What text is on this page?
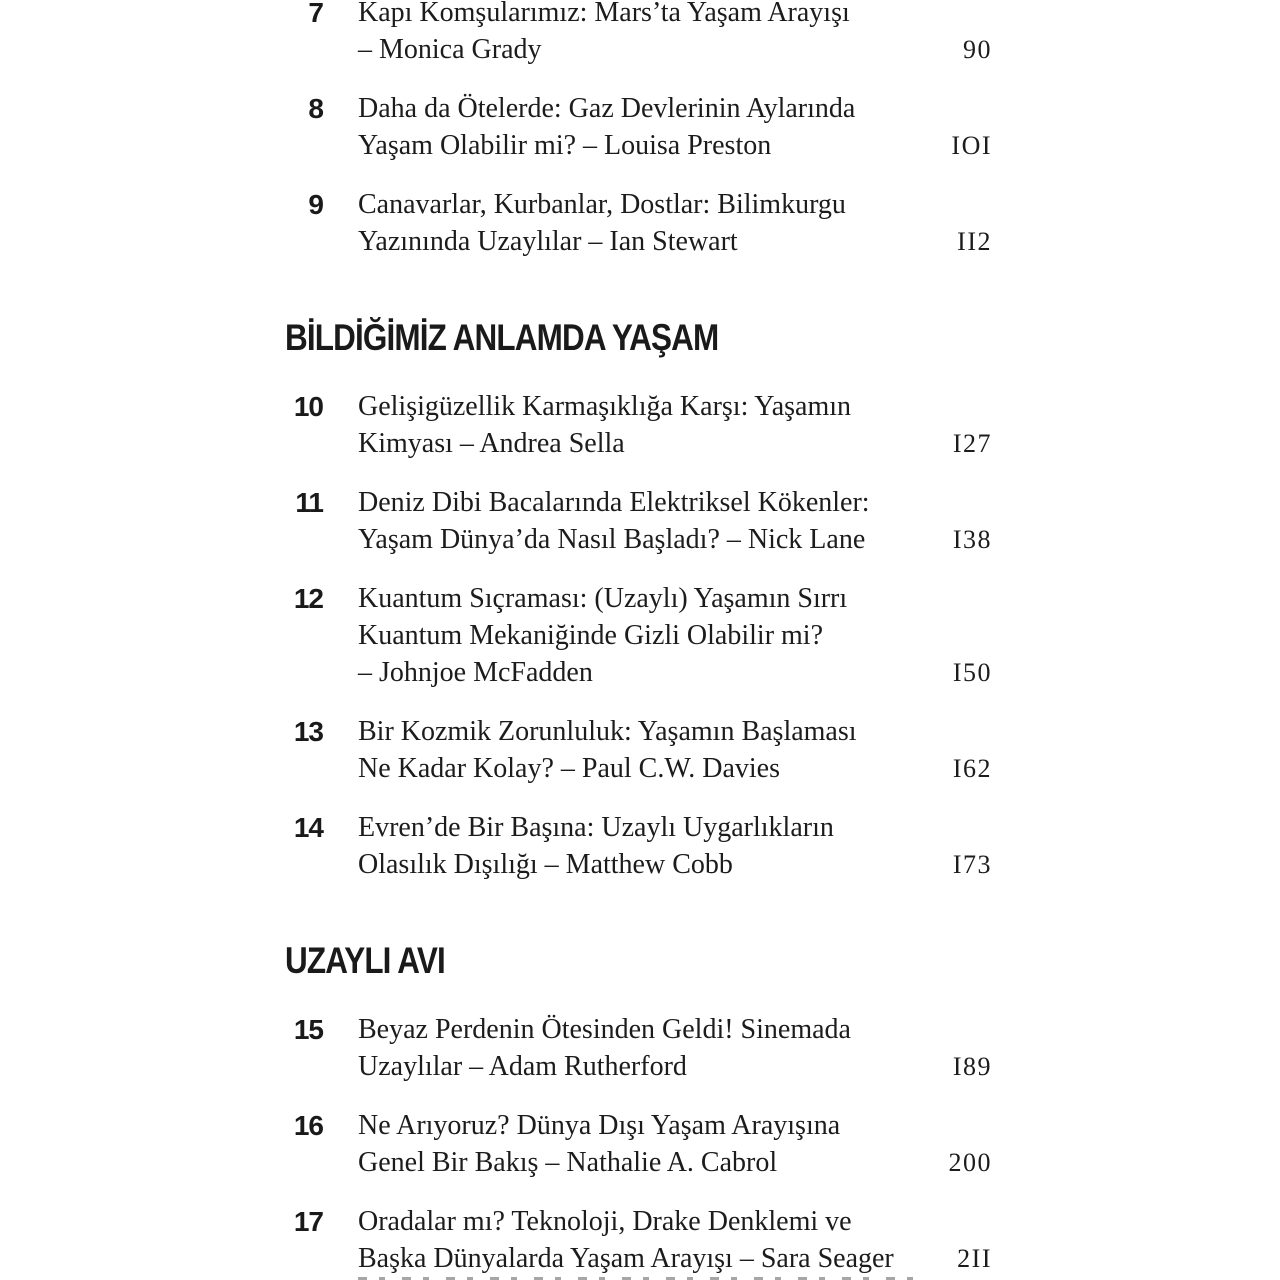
7 Kapı Komşularımız: Mars’ta Yaşam Arayışı
– Monica Grady	90
8 Daha da Ötelerde: Gaz Devlerinin Aylarında
Yaşam Olabilir mi? – Louisa Preston	IOI
9 Canavarlar, Kurbanlar, Dostlar: Bilimkurgu
Yazınında Uzaylılar – Ian Stewart	II2
BİLDİĞİMİZ ANLAMDA YAŞAM
10 Gelişigüzellik Karmaşıklığa Karşı: Yaşamın
Kimyası – Andrea Sella	I27
11 Deniz Dibi Bacalarında Elektriksel Kökenler:
Yaşam Dünya’da Nasıl Başladı? – Nick Lane	I38
12 Kuantum Sıçraması: (Uzaylı) Yaşamın Sırrı
Kuantum Mekaniğinde Gizli Olabilir mi?
– Johnjoe McFadden	I50
13 Bir Kozmik Zorunluluk: Yaşamın Başlaması
Ne Kadar Kolay? – Paul C.W. Davies	I62
14 Evren’de Bir Başına: Uzaylı Uygarlıkların
Olasılık Dışılığı – Matthew Cobb	I73
UZAYLI AVI
15 Beyaz Perdenin Ötesinden Geldi! Sinemada
Uzaylılar – Adam Rutherford	I89
16 Ne Arıyoruz? Dünya Dışı Yaşam Arayışına
Genel Bir Bakış – Nathalie A. Cabrol	200
17 Oradalar mı? Teknoloji, Drake Denklemi ve
Başka Dünyalarda Yaşam Arayışı – Sara Seager	2II
